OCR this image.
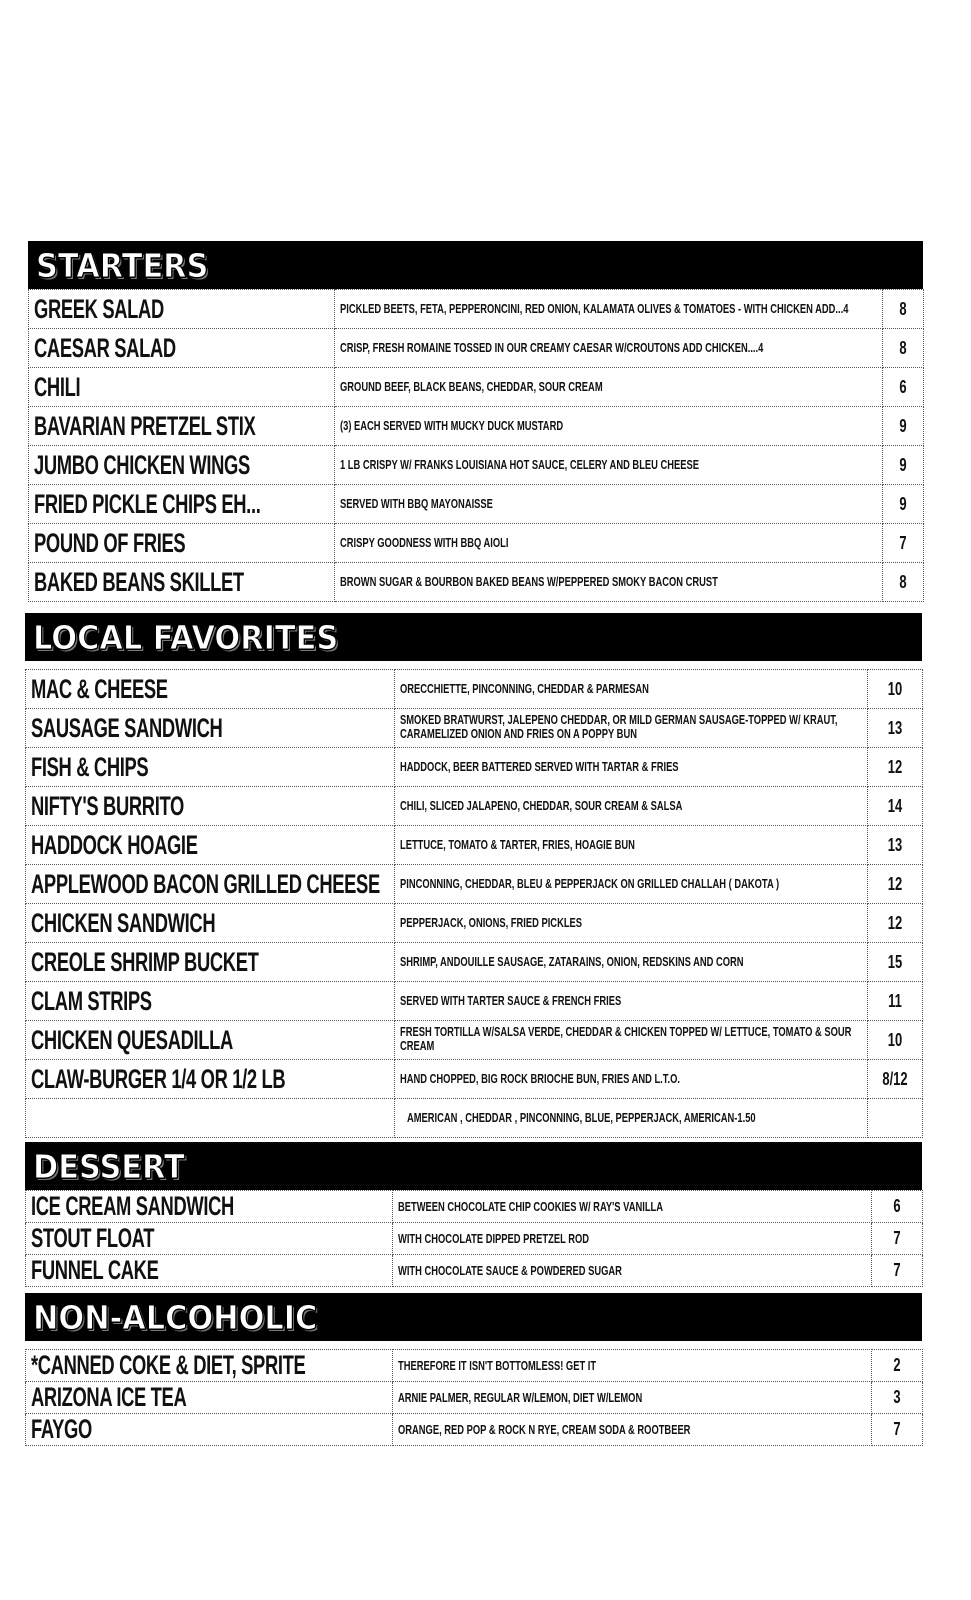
STARTERS
GREEK SALAD	PICKLED BEETS, FETA, PEPPERONCINI, RED ONION, KALAMATA OLIVES & TOMATOES - WITH CHICKEN ADD...4	8

CAESAR SALAD	CRISP, FRESH ROMAINE TOSSED IN OUR CREAMY CAESAR W/CROUTONS ADD CHICKEN....4	8

CHILI	GROUND BEEF, BLACK BEANS, CHEDDAR, SOUR CREAM	6

BAVARIAN PRETZEL STIX	(3) EACH SERVED WITH MUCKY DUCK MUSTARD	9

JUMBO CHICKEN WINGS	1 LB CRISPY W/ FRANKS LOUISIANA HOT SAUCE, CELERY AND BLEU CHEESE	9

FRIED PICKLE CHIPS EH...	SERVED WITH BBQ MAYONAISSE	9

POUND OF FRIES	CRISPY GOODNESS WITH BBQ AIOLI	7

BAKED BEANS SKILLET	BROWN SUGAR & BOURBON BAKED BEANS W/PEPPERED SMOKY BACON CRUST	8
LOCAL FAVORITES
MAC & CHEESE	ORECCHIETTE, PINCONNING, CHEDDAR & PARMESAN	10

SAUSAGE SANDWICH	SMOKED BRATWURST, JALEPENO CHEDDAR, OR MILD GERMAN SAUSAGE-TOPPED W/ KRAUT, CARAMELIZED ONION AND FRIES ON A POPPY BUN	13

FISH & CHIPS	HADDOCK, BEER BATTERED SERVED WITH TARTAR & FRIES	12

NIFTY'S BURRITO	CHILI, SLICED JALAPENO, CHEDDAR, SOUR CREAM & SALSA	14

HADDOCK HOAGIE	LETTUCE, TOMATO & TARTER, FRIES, HOAGIE BUN	13

APPLEWOOD BACON GRILLED CHEESE	PINCONNING, CHEDDAR, BLEU & PEPPERJACK ON GRILLED CHALLAH ( DAKOTA )	12

CHICKEN SANDWICH	PEPPERJACK, ONIONS, FRIED PICKLES	12

CREOLE SHRIMP BUCKET	SHRIMP, ANDOUILLE SAUSAGE, ZATARAINS, ONION, REDSKINS AND CORN	15

CLAM STRIPS	SERVED WITH TARTER SAUCE & FRENCH FRIES	11

CHICKEN QUESADILLA	FRESH TORTILLA W/SALSA VERDE, CHEDDAR & CHICKEN TOPPED W/ LETTUCE, TOMATO & SOUR CREAM	10

CLAW-BURGER 1/4 OR 1/2 LB	HAND CHOPPED, BIG ROCK BRIOCHE BUN, FRIES AND L.T.O.	8/12

	AMERICAN , CHEDDAR , PINCONNING, BLUE, PEPPERJACK, AMERICAN-1.50	
DESSERT
ICE CREAM SANDWICH	BETWEEN CHOCOLATE CHIP COOKIES W/ RAY'S VANILLA	6

STOUT FLOAT	WITH CHOCOLATE DIPPED PRETZEL ROD	7

FUNNEL CAKE	WITH CHOCOLATE SAUCE & POWDERED SUGAR	7
NON-ALCOHOLIC
*CANNED COKE & DIET, SPRITE	THEREFORE IT ISN'T BOTTOMLESS! GET IT	2

ARIZONA ICE TEA	ARNIE PALMER, REGULAR W/LEMON, DIET W/LEMON	3

FAYGO	ORANGE, RED POP & ROCK N RYE, CREAM SODA & ROOTBEER	7
